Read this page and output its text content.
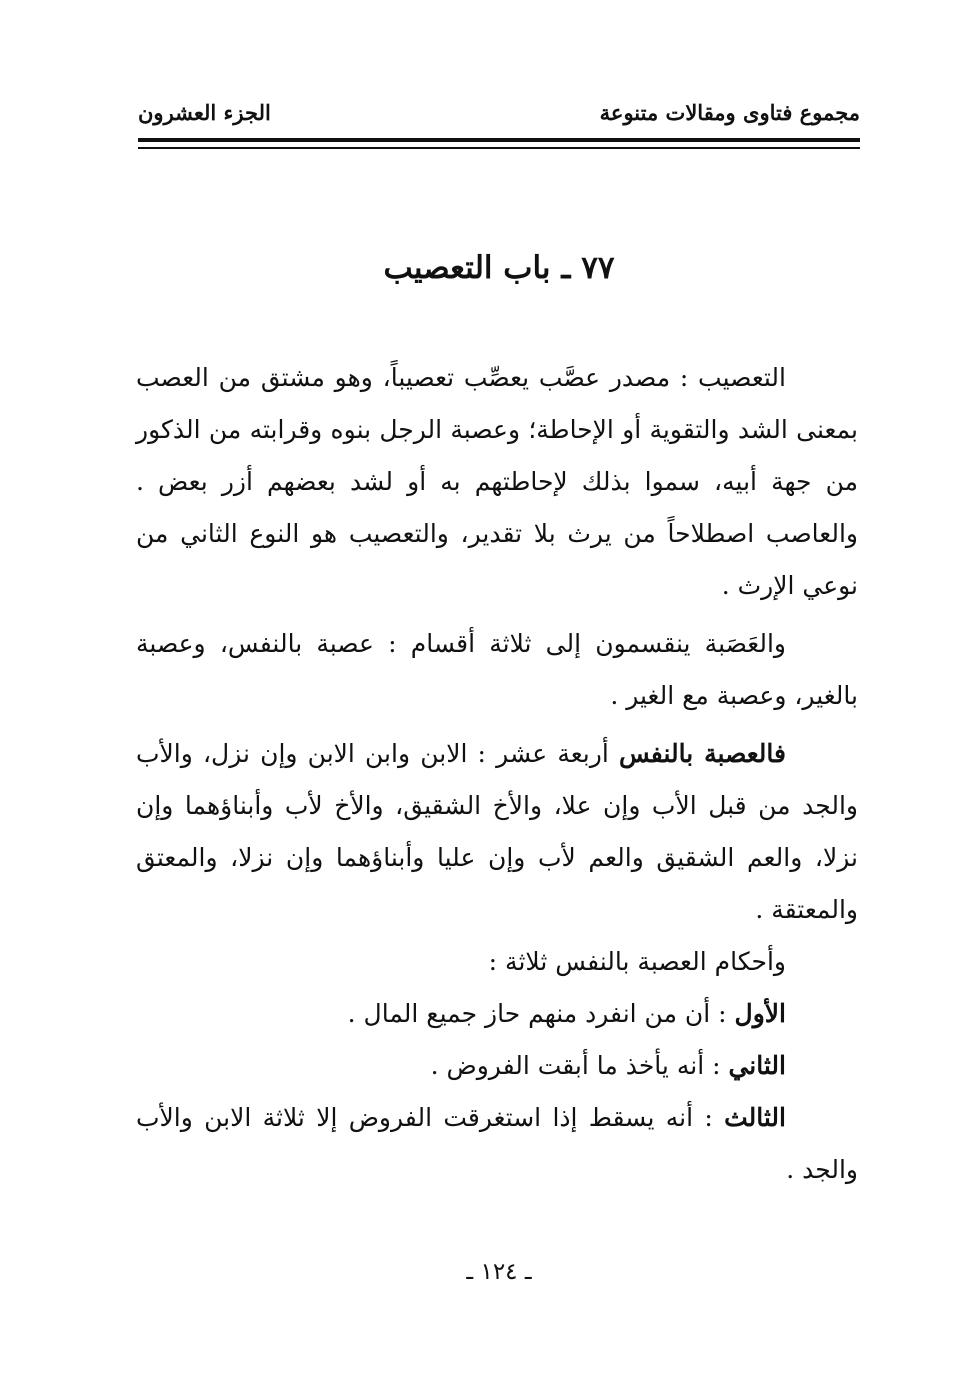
مجموع فتاوى ومقالات متنوعة
الجزء العشرون
٧٧ ـ باب التعصيب

التعصيب : مصدر عصَّب يعصِّب تعصيباً، وهو مشتق من العصب بمعنى الشد والتقوية أو الإحاطة؛ وعصبة الرجل بنوه وقرابته من الذكور من جهة أبيه، سموا بذلك لإحاطتهم به أو لشد بعضهم أزر بعض . والعاصب اصطلاحاً من يرث بلا تقدير، والتعصيب هو النوع الثاني من نوعي الإرث .

والعَصَبة ينقسمون إلى ثلاثة أقسام : عصبة بالنفس، وعصبة بالغير، وعصبة مع الغير .

فالعصبة بالنفس أربعة عشر : الابن وابن الابن وإن نزل، والأب والجد من قبل الأب وإن علا، والأخ الشقيق، والأخ لأب وأبناؤهما وإن نزلا، والعم الشقيق والعم لأب وإن عليا وأبناؤهما وإن نزلا، والمعتق والمعتقة .

وأحكام العصبة بالنفس ثلاثة :

الأول : أن من انفرد منهم حاز جميع المال .

الثاني : أنه يأخذ ما أبقت الفروض .

الثالث : أنه يسقط إذا استغرقت الفروض إلا ثلاثة الابن والأب والجد .

ـ ١٢٤ ـ
